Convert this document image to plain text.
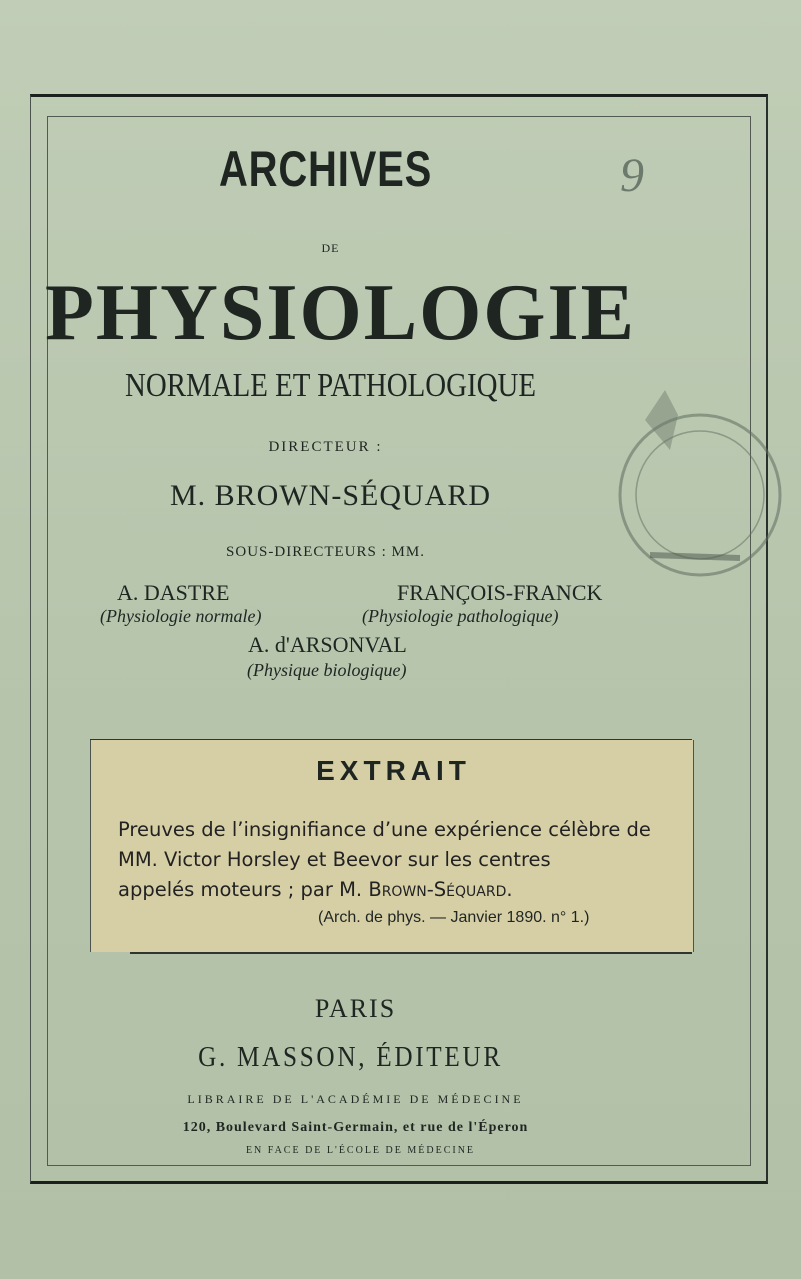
9
ARCHIVES
DE
PHYSIOLOGIE
NORMALE ET PATHOLOGIQUE
DIRECTEUR :
M. BROWN-SÉQUARD
SOUS-DIRECTEURS : MM.
A. DASTRE	FRANÇOIS-FRANCK
(Physiologie normale)	(Physiologie pathologique)
A. d'ARSONVAL
(Physique biologique)
EXTRAIT
Preuves de l’insignifiance d’une expérience célèbre de
MM. Victor Horsley et Beevor sur les centres
appelés moteurs ; par M. Brown-Séquard.
(Arch. de phys. — Janvier 1890. n° 1.)
PARIS
G. MASSON, ÉDITEUR
LIBRAIRE DE L'ACADÉMIE DE MÉDECINE
120, Boulevard Saint-Germain, et rue de l'Éperon
EN FACE DE L'ÉCOLE DE MÉDECINE
